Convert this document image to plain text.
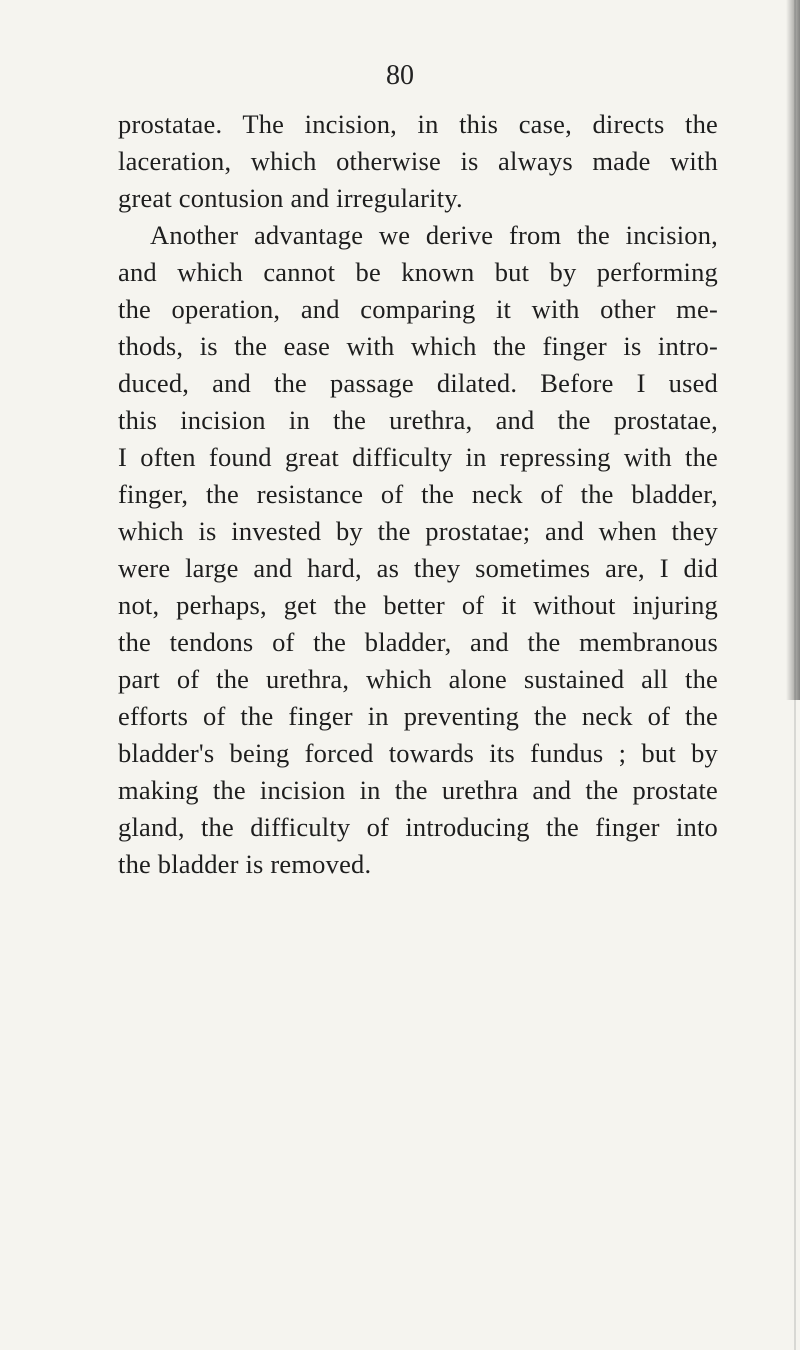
80
prostatae. The incision, in this case, directs the
laceration, which otherwise is always made with
great contusion and irregularity.
Another advantage we derive from the incision,
and which cannot be known but by performing
the operation, and comparing it with other me-
thods, is the ease with which the finger is intro-
duced, and the passage dilated. Before I used
this incision in the urethra, and the prostatae,
I often found great difficulty in repressing with the
finger, the resistance of the neck of the bladder,
which is invested by the prostatae; and when they
were large and hard, as they sometimes are, I did
not, perhaps, get the better of it without injuring
the tendons of the bladder, and the membranous
part of the urethra, which alone sustained all the
efforts of the finger in preventing the neck of the
bladder's being forced towards its fundus ; but by
making the incision in the urethra and the prostate
gland, the difficulty of introducing the finger into
the bladder is removed.
